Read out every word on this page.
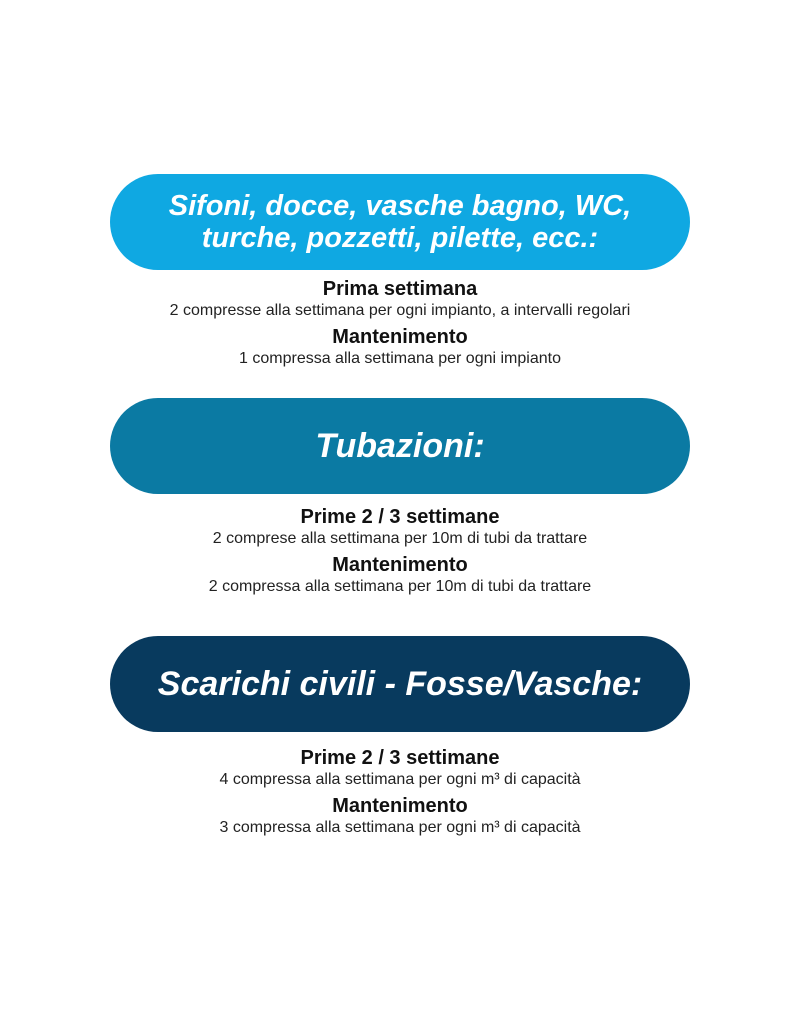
Sifoni, docce, vasche bagno, WC,
turche, pozzetti, pilette, ecc.:
Prima settimana
2 compresse alla settimana per ogni impianto, a intervalli regolari
Mantenimento
1 compressa alla settimana per ogni impianto
Tubazioni:
Prime 2 / 3 settimane
2 comprese alla settimana per 10m di tubi da trattare
Mantenimento
2 compressa alla settimana per 10m di tubi da trattare
Scarichi civili - Fosse/Vasche:
Prime 2 / 3 settimane
4 compressa alla settimana per ogni m³ di capacità
Mantenimento
3 compressa alla settimana per ogni m³ di capacità
